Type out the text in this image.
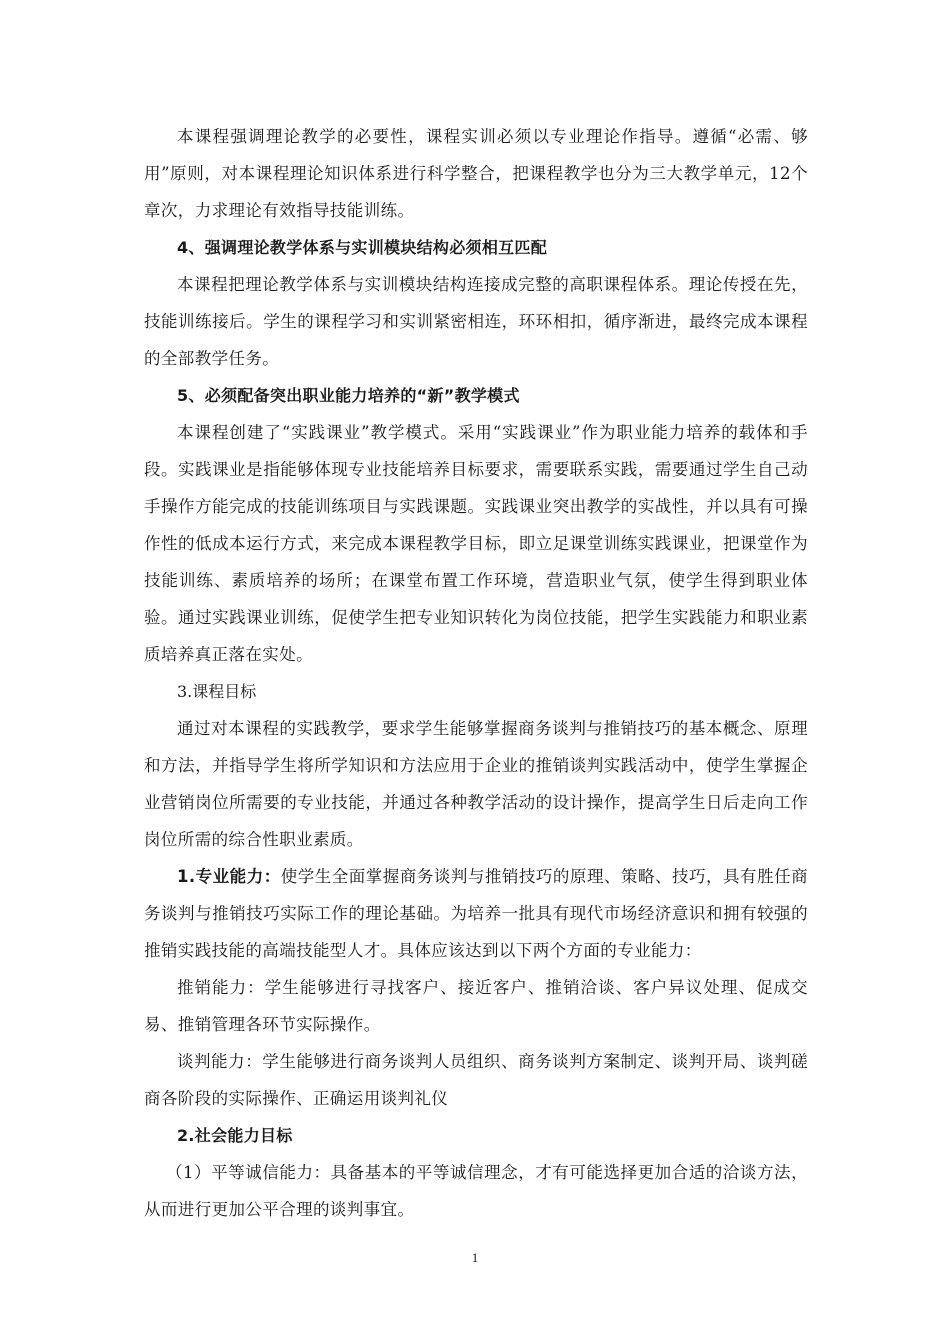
本课程强调理论教学的必要性，课程实训必须以专业理论作指导。遵循“必需、够用”原则，对本课程理论知识体系进行科学整合，把课程教学也分为三大教学单元，12个章次，力求理论有效指导技能训练。

4、强调理论教学体系与实训模块结构必须相互匹配

本课程把理论教学体系与实训模块结构连接成完整的高职课程体系。理论传授在先，技能训练接后。学生的课程学习和实训紧密相连，环环相扣，循序渐进，最终完成本课程的全部教学任务。

5、必须配备突出职业能力培养的“新”教学模式

本课程创建了“实践课业”教学模式。采用“实践课业”作为职业能力培养的载体和手段。实践课业是指能够体现专业技能培养目标要求，需要联系实践，需要通过学生自己动手操作方能完成的技能训练项目与实践课题。实践课业突出教学的实战性，并以具有可操作性的低成本运行方式，来完成本课程教学目标，即立足课堂训练实践课业，把课堂作为技能训练、素质培养的场所；在课堂布置工作环境，营造职业气氛，使学生得到职业体验。通过实践课业训练，促使学生把专业知识转化为岗位技能，把学生实践能力和职业素质培养真正落在实处。

3.课程目标

通过对本课程的实践教学，要求学生能够掌握商务谈判与推销技巧的基本概念、原理和方法，并指导学生将所学知识和方法应用于企业的推销谈判实践活动中，使学生掌握企业营销岗位所需要的专业技能，并通过各种教学活动的设计操作，提高学生日后走向工作岗位所需的综合性职业素质。

1.专业能力：使学生全面掌握商务谈判与推销技巧的原理、策略、技巧，具有胜任商务谈判与推销技巧实际工作的理论基础。为培养一批具有现代市场经济意识和拥有较强的推销实践技能的高端技能型人才。具体应该达到以下两个方面的专业能力：

推销能力：学生能够进行寻找客户、接近客户、推销洽谈、客户异议处理、促成交易、推销管理各环节实际操作。

谈判能力：学生能够进行商务谈判人员组织、商务谈判方案制定、谈判开局、谈判磋商各阶段的实际操作、正确运用谈判礼仪

2.社会能力目标

（1）平等诚信能力：具备基本的平等诚信理念，才有可能选择更加合适的洽谈方法，从而进行更加公平合理的谈判事宜。

1
